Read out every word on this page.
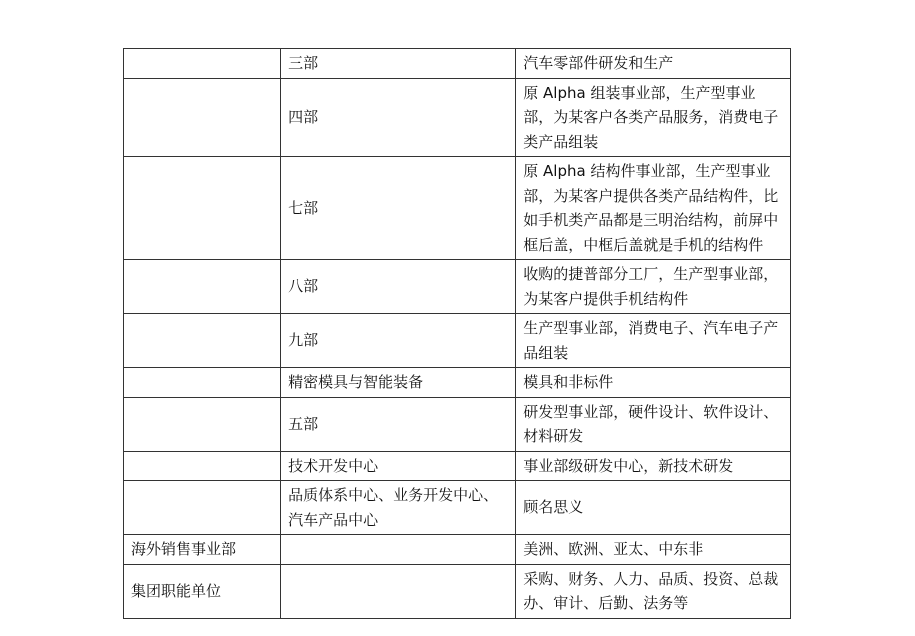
	三部	汽车零部件研发和生产
	四部	原 Alpha 组装事业部，生产型事业部，为某客户各类产品服务，消费电子类产品组装
	七部	原 Alpha 结构件事业部，生产型事业部，为某客户提供各类产品结构件，比如手机类产品都是三明治结构，前屏中框后盖，中框后盖就是手机的结构件
	八部	收购的捷普部分工厂，生产型事业部，为某客户提供手机结构件
	九部	生产型事业部，消费电子、汽车电子产品组装
	精密模具与智能装备	模具和非标件
	五部	研发型事业部，硬件设计、软件设计、材料研发
	技术开发中心	事业部级研发中心，新技术研发
	品质体系中心、业务开发中心、汽车产品中心	顾名思义
海外销售事业部		美洲、欧洲、亚太、中东非
集团职能单位		采购、财务、人力、品质、投资、总裁办、审计、后勤、法务等
